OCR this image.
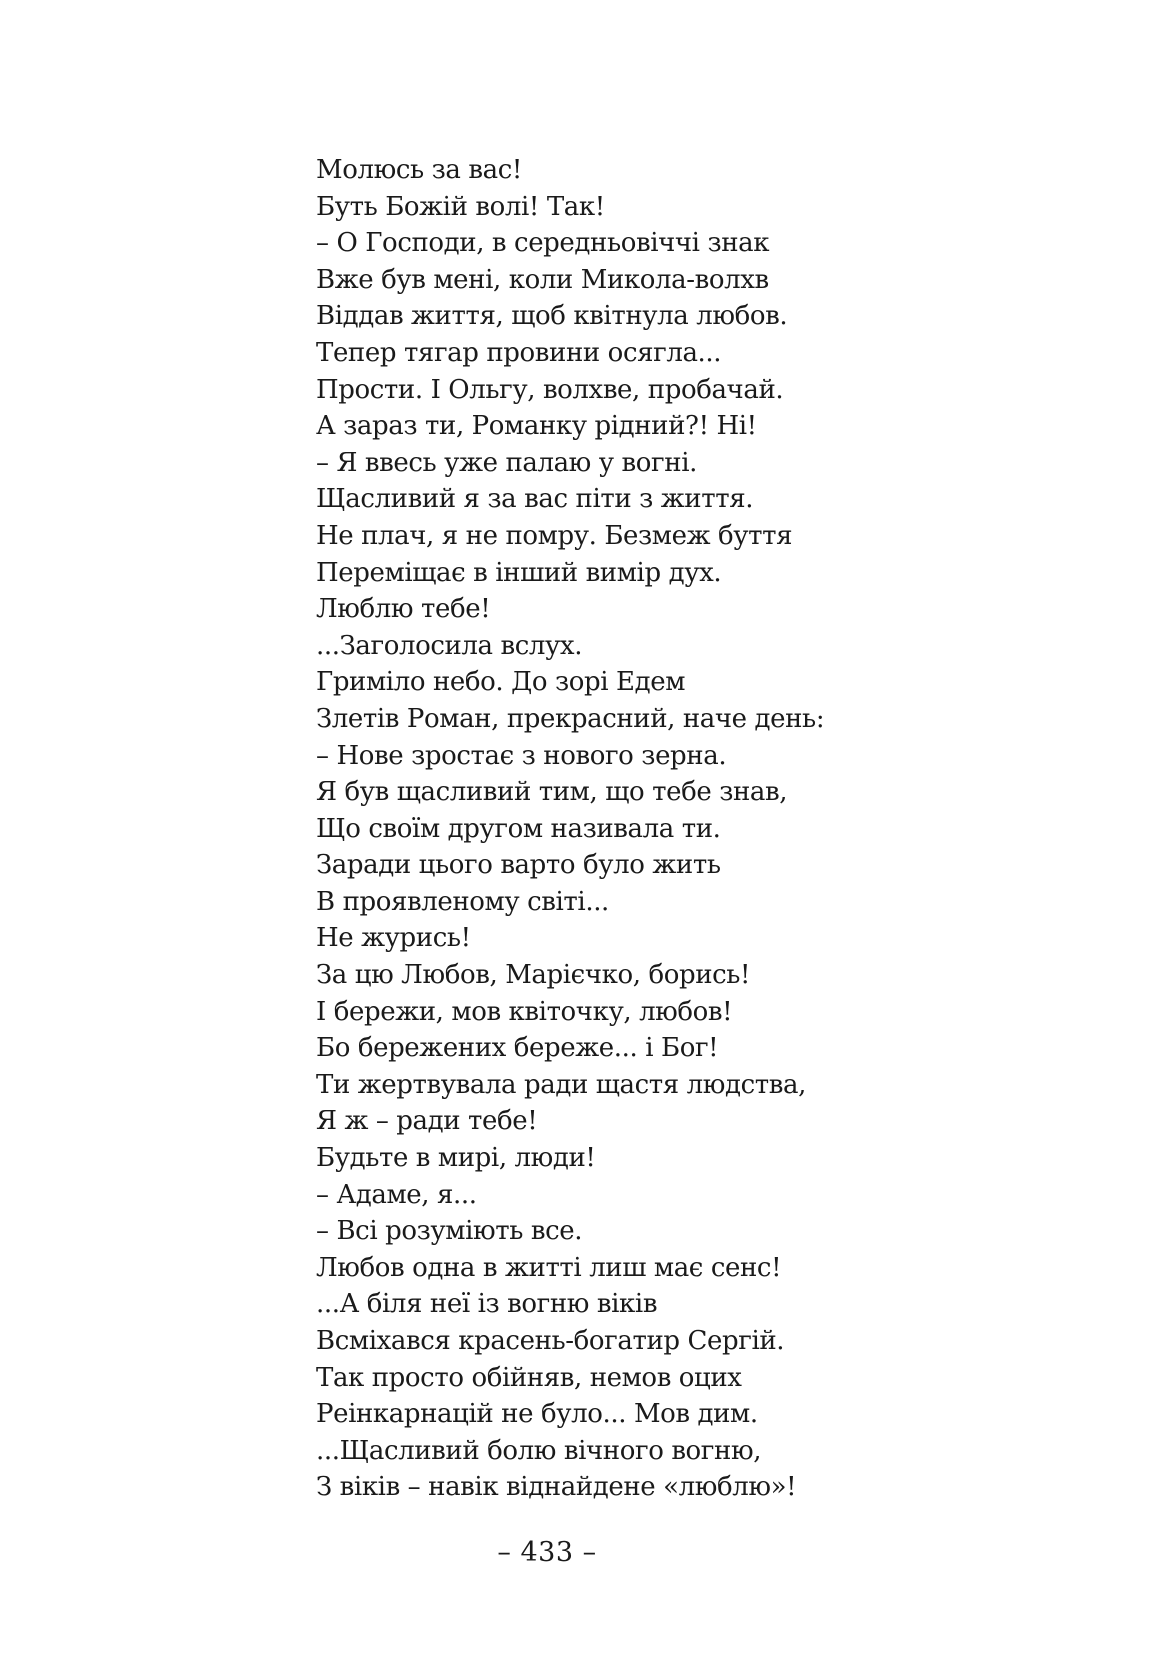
Молюсь за вас!
Буть Божій волі! Так!
– О Господи, в середньовіччі знак
Вже був мені, коли Микола-волхв
Віддав життя, щоб квітнула любов.
Тепер тягар провини осягла...
Прости. І Ольгу, волхве, пробачай.
А зараз ти, Романку рідний?! Ні!
– Я ввесь уже палаю у вогні.
Щасливий я за вас піти з життя.
Не плач, я не помру. Безмеж буття
Переміщає в інший вимір дух.
Люблю тебе!
...Заголосила вслух.
Гриміло небо. До зорі Едем
Злетів Роман, прекрасний, наче день:
– Нове зростає з нового зерна.
Я був щасливий тим, що тебе знав,
Що своїм другом називала ти.
Заради цього варто було жить
В проявленому світі...
Не журись!
За цю Любов, Марієчко, борись!
І бережи, мов квіточку, любов!
Бо бережених береже... і Бог!
Ти жертвувала ради щастя людства,
Я ж – ради тебе!
Будьте в мирі, люди!
– Адаме, я...
– Всі розуміють все.
Любов одна в житті лиш має сенс!
...А біля неї із вогню віків
Всміхався красень-богатир Сергій.
Так просто обійняв, немов оцих
Реінкарнацій не було... Мов дим.
...Щасливий болю вічного вогню,
З віків – навік віднайдене «люблю»!
– 433 –
